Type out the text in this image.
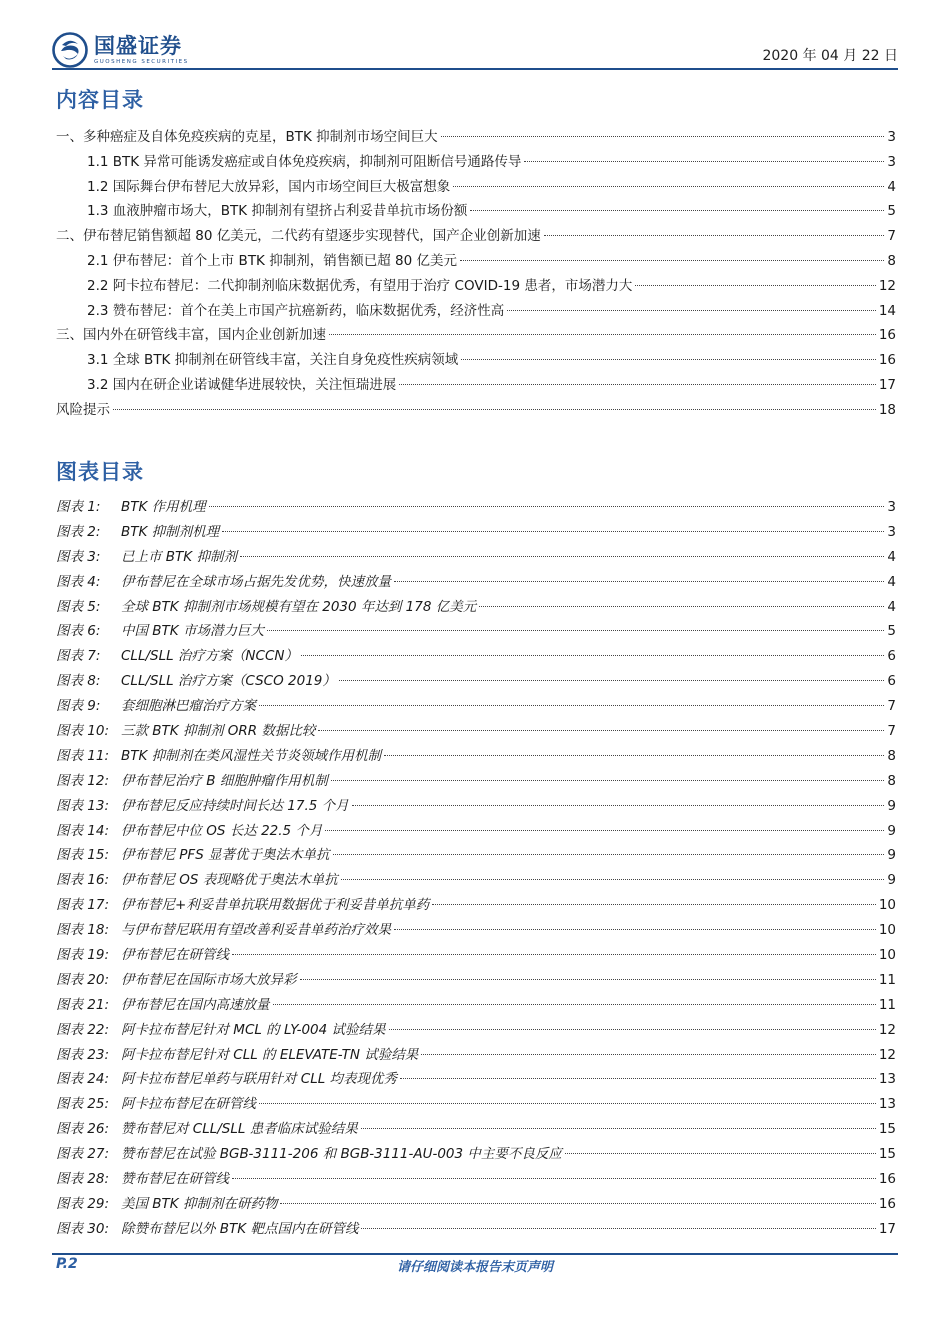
国盛证券
GUOSHENG SECURITIES	2020 年 04 月 22 日
内容目录
一、多种癌症及自体免疫疾病的克星，BTK 抑制剂市场空间巨大	3
1.1 BTK 异常可能诱发癌症或自体免疫疾病，抑制剂可阻断信号通路传导	3
1.2 国际舞台伊布替尼大放异彩，国内市场空间巨大极富想象	4
1.3 血液肿瘤市场大，BTK 抑制剂有望挤占利妥昔单抗市场份额	5
二、伊布替尼销售额超 80 亿美元，二代药有望逐步实现替代，国产企业创新加速	7
2.1 伊布替尼：首个上市 BTK 抑制剂，销售额已超 80 亿美元	8
2.2 阿卡拉布替尼：二代抑制剂临床数据优秀，有望用于治疗 COVID-19 患者，市场潜力大	12
2.3 赞布替尼：首个在美上市国产抗癌新药，临床数据优秀，经济性高	14
三、国内外在研管线丰富，国内企业创新加速	16
3.1 全球 BTK 抑制剂在研管线丰富，关注自身免疫性疾病领域	16
3.2 国内在研企业诺诚健华进展较快，关注恒瑞进展	17
风险提示	18
图表目录
图表 1:	BTK 作用机理	3
图表 2:	BTK 抑制剂机理	3
图表 3:	已上市 BTK 抑制剂	4
图表 4:	伊布替尼在全球市场占据先发优势，快速放量	4
图表 5:	全球 BTK 抑制剂市场规模有望在 2030 年达到 178 亿美元	4
图表 6:	中国 BTK 市场潜力巨大	5
图表 7:	CLL/SLL 治疗方案（NCCN）	6
图表 8:	CLL/SLL 治疗方案（CSCO 2019）	6
图表 9:	套细胞淋巴瘤治疗方案	7
图表 10: 三款 BTK 抑制剂 ORR 数据比较	7
图表 11: BTK 抑制剂在类风湿性关节炎领域作用机制	8
图表 12: 伊布替尼治疗 B 细胞肿瘤作用机制	8
图表 13: 伊布替尼反应持续时间长达 17.5 个月	9
图表 14: 伊布替尼中位 OS 长达 22.5 个月	9
图表 15: 伊布替尼 PFS 显著优于奥法木单抗	9
图表 16: 伊布替尼 OS 表现略优于奥法木单抗	9
图表 17: 伊布替尼+利妥昔单抗联用数据优于利妥昔单抗单药	10
图表 18: 与伊布替尼联用有望改善利妥昔单药治疗效果	10
图表 19: 伊布替尼在研管线	10
图表 20: 伊布替尼在国际市场大放异彩	11
图表 21: 伊布替尼在国内高速放量	11
图表 22: 阿卡拉布替尼针对 MCL 的 LY-004 试验结果	12
图表 23: 阿卡拉布替尼针对 CLL 的 ELEVATE-TN 试验结果	12
图表 24: 阿卡拉布替尼单药与联用针对 CLL 均表现优秀	13
图表 25: 阿卡拉布替尼在研管线	13
图表 26: 赞布替尼对 CLL/SLL 患者临床试验结果	15
图表 27: 赞布替尼在试验 BGB-3111-206 和 BGB-3111-AU-003 中主要不良反应	15
图表 28: 赞布替尼在研管线	16
图表 29: 美国 BTK 抑制剂在研药物	16
图表 30: 除赞布替尼以外 BTK 靶点国内在研管线	17
P.2	请仔细阅读本报告末页声明
